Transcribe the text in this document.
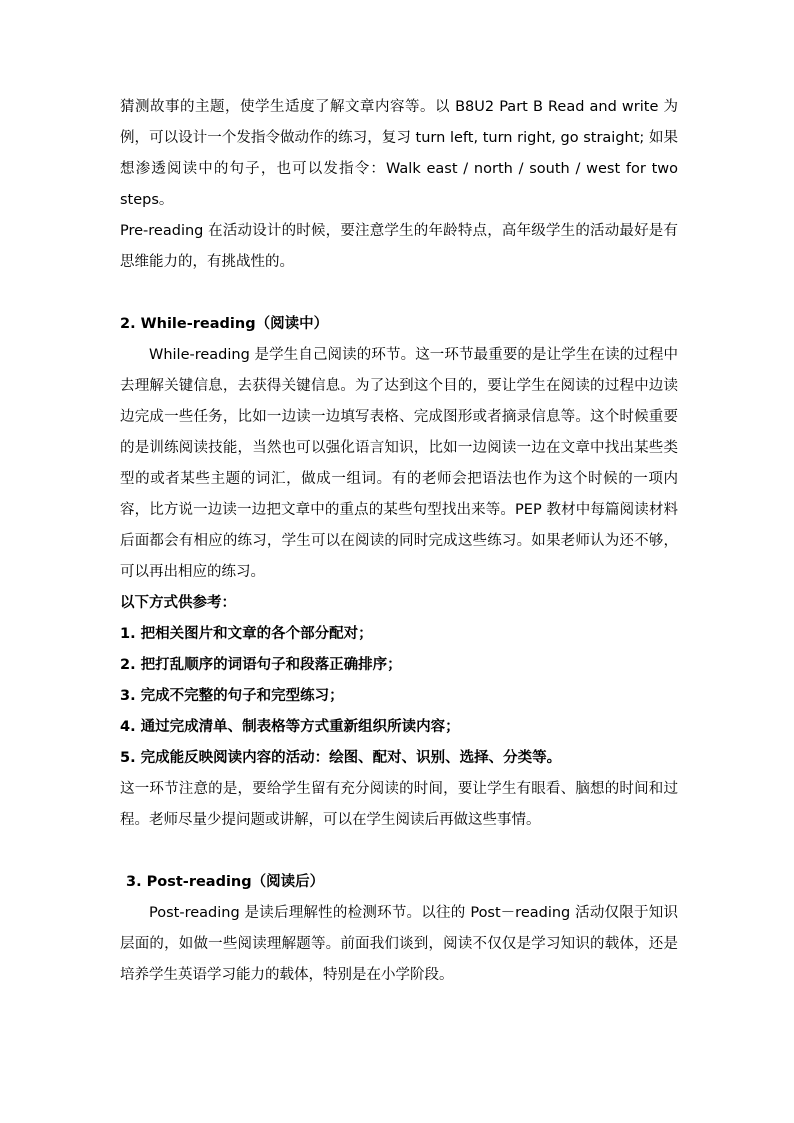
猜测故事的主题，使学生适度了解文章内容等。以 B8U2 Part B Read and write 为例，可以设计一个发指令做动作的练习，复习 turn left, turn right, go straight; 如果想渗透阅读中的句子，也可以发指令：Walk east / north / south / west for two steps。

Pre-reading 在活动设计的时候，要注意学生的年龄特点，高年级学生的活动最好是有思维能力的，有挑战性的。

2. While-reading（阅读中）

While-reading 是学生自己阅读的环节。这一环节最重要的是让学生在读的过程中去理解关键信息，去获得关键信息。为了达到这个目的，要让学生在阅读的过程中边读边完成一些任务，比如一边读一边填写表格、完成图形或者摘录信息等。这个时候重要的是训练阅读技能，当然也可以强化语言知识，比如一边阅读一边在文章中找出某些类型的或者某些主题的词汇，做成一组词。有的老师会把语法也作为这个时候的一项内容，比方说一边读一边把文章中的重点的某些句型找出来等。PEP 教材中每篇阅读材料后面都会有相应的练习，学生可以在阅读的同时完成这些练习。如果老师认为还不够，可以再出相应的练习。

以下方式供参考：

1. 把相关图片和文章的各个部分配对；

2. 把打乱顺序的词语句子和段落正确排序；

3. 完成不完整的句子和完型练习；

4. 通过完成清单、制表格等方式重新组织所读内容；

5. 完成能反映阅读内容的活动：绘图、配对、识别、选择、分类等。

这一环节注意的是，要给学生留有充分阅读的时间，要让学生有眼看、脑想的时间和过程。老师尽量少提问题或讲解，可以在学生阅读后再做这些事情。

3. Post-reading（阅读后）

Post-reading 是读后理解性的检测环节。以往的 Post－reading 活动仅限于知识层面的，如做一些阅读理解题等。前面我们谈到，阅读不仅仅是学习知识的载体，还是培养学生英语学习能力的载体，特别是在小学阶段。
